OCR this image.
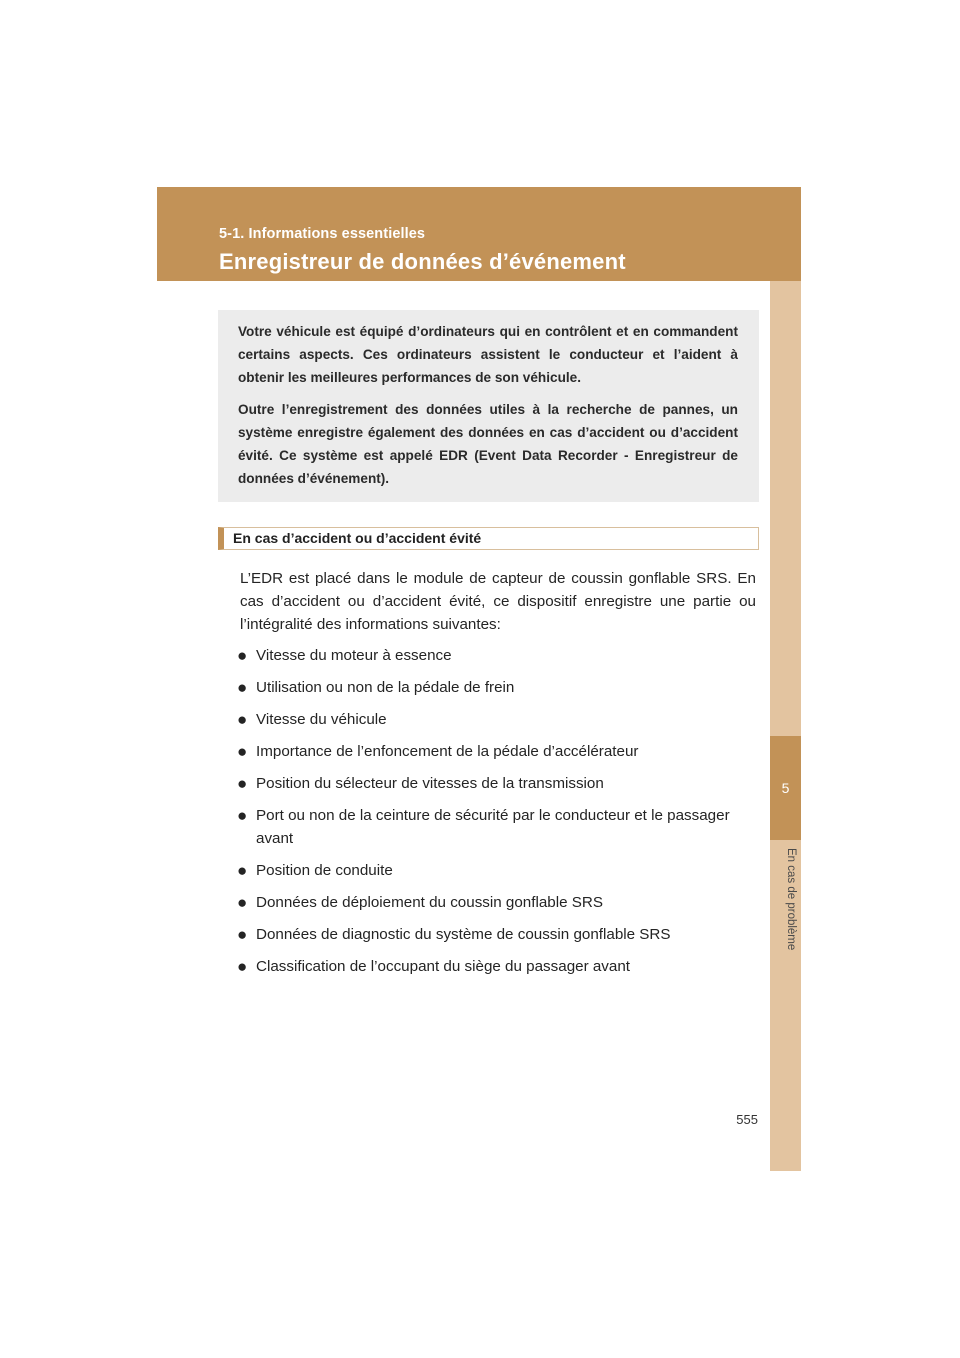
5-1. Informations essentielles
Enregistreur de données d’événement
5
En cas de problème

Votre véhicule est équipé d’ordinateurs qui en contrôlent et en commandent certains aspects. Ces ordinateurs assistent le conducteur et l’aident à obtenir les meilleures performances de son véhicule.

Outre l’enregistrement des données utiles à la recherche de pannes, un système enregistre également des données en cas d’accident ou d’accident évité. Ce système est appelé EDR (Event Data Recorder - Enregistreur de données d’événement).

En cas d’accident ou d’accident évité

L’EDR est placé dans le module de capteur de coussin gonflable SRS. En cas d’accident ou d’accident évité, ce dispositif enregistre une partie ou l’intégralité des informations suivantes:

● Vitesse du moteur à essence
● Utilisation ou non de la pédale de frein
● Vitesse du véhicule
● Importance de l’enfoncement de la pédale d’accélérateur
● Position du sélecteur de vitesses de la transmission
● Port ou non de la ceinture de sécurité par le conducteur et le passager avant
● Position de conduite
● Données de déploiement du coussin gonflable SRS
● Données de diagnostic du système de coussin gonflable SRS
● Classification de l’occupant du siège du passager avant
555
